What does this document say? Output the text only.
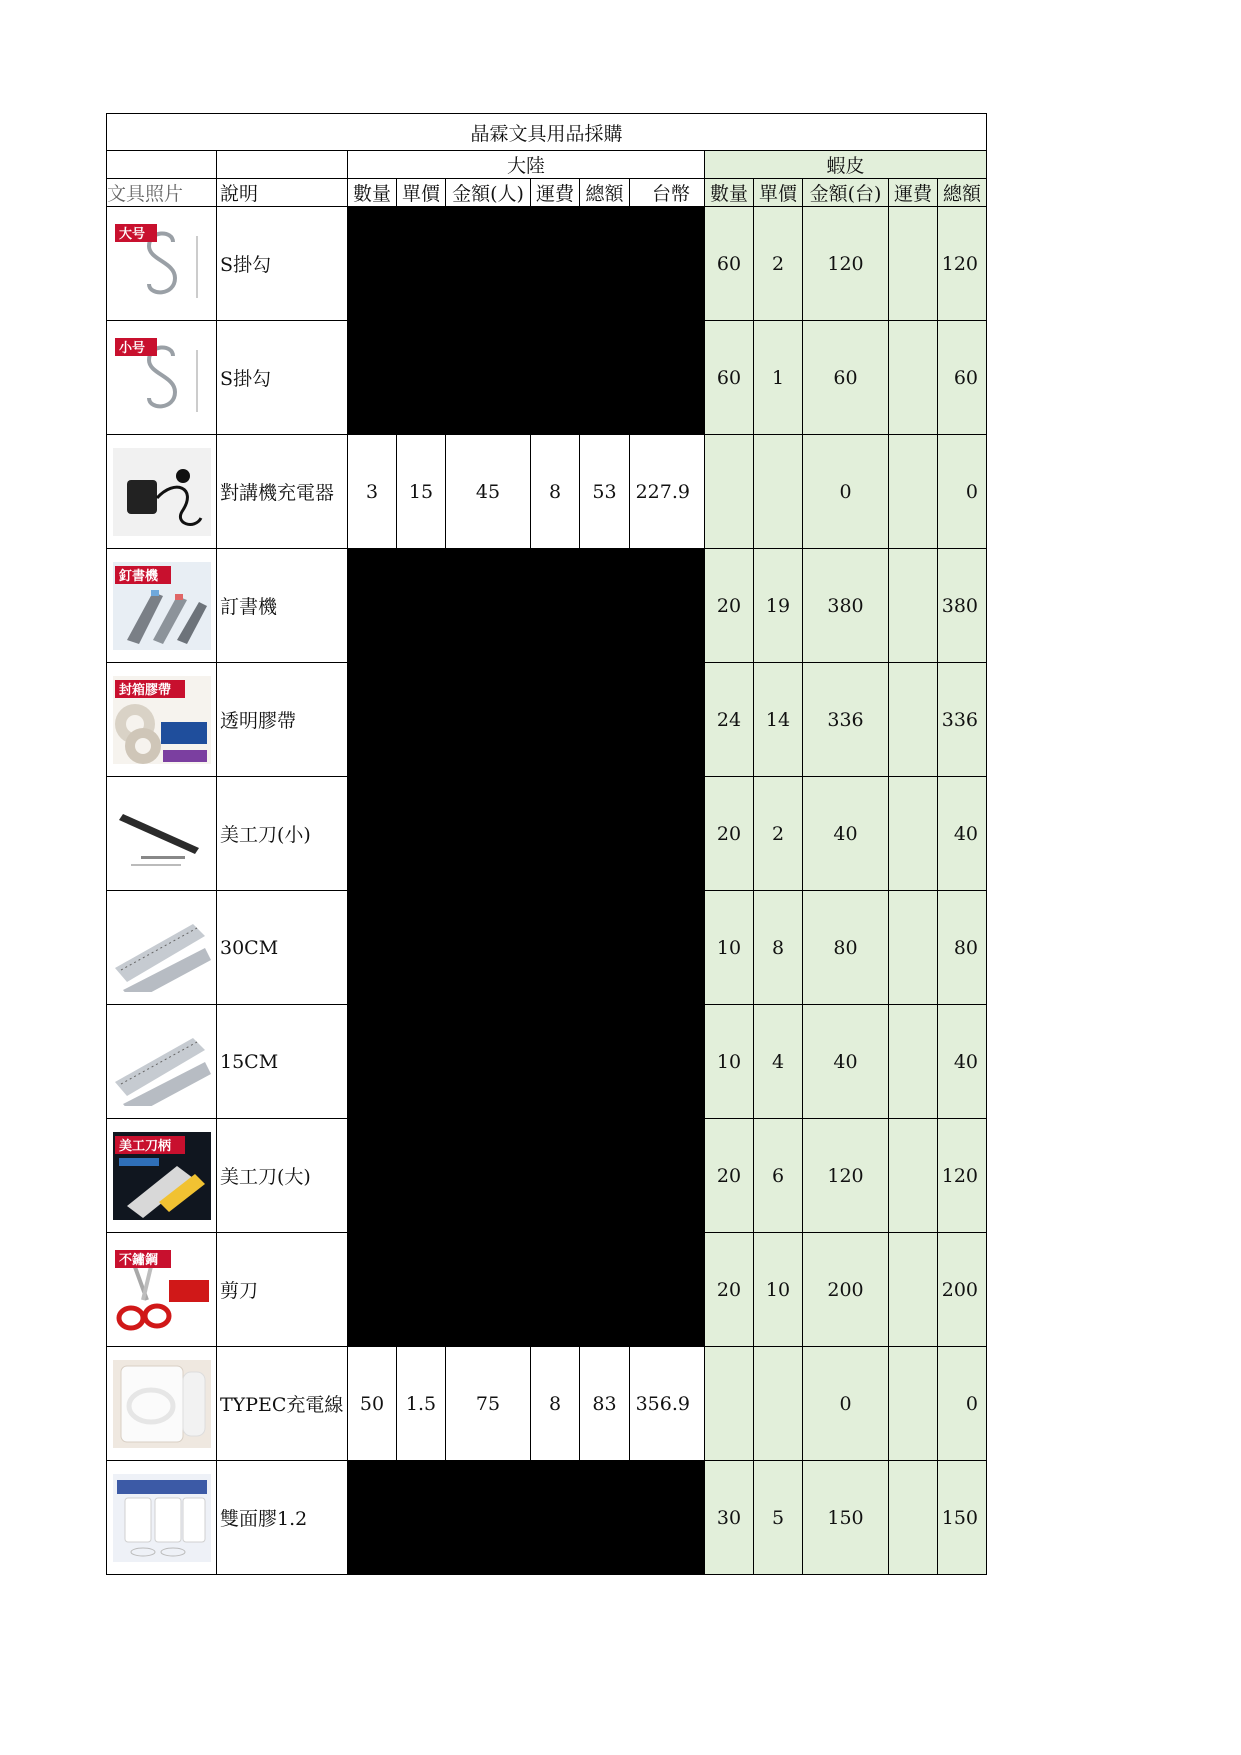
晶霖文具用品採購												
		大陸						蝦皮				
文具照片	說明	數量	單價	金額(人)	運費	總額	台幣	數量	單價	金額(台)	運費	總額

大号	S掛勾							60	2	120		120

小号	S掛勾							60	1	60		60

	對講機充電器	3	15	45	8	53	227.9			0		0

釘書機	訂書機							20	19	380		380

封箱膠帶	透明膠帶							24	14	336		336

	美工刀(小)							20	2	40		40

	30CM							10	8	80		80

	15CM							10	4	40		40

美工刀柄	美工刀(大)							20	6	120		120

不鏽鋼	剪刀							20	10	200		200

	TYPEC充電線	50	1.5	75	8	83	356.9			0		0

	雙面膠1.2							30	5	150		150
